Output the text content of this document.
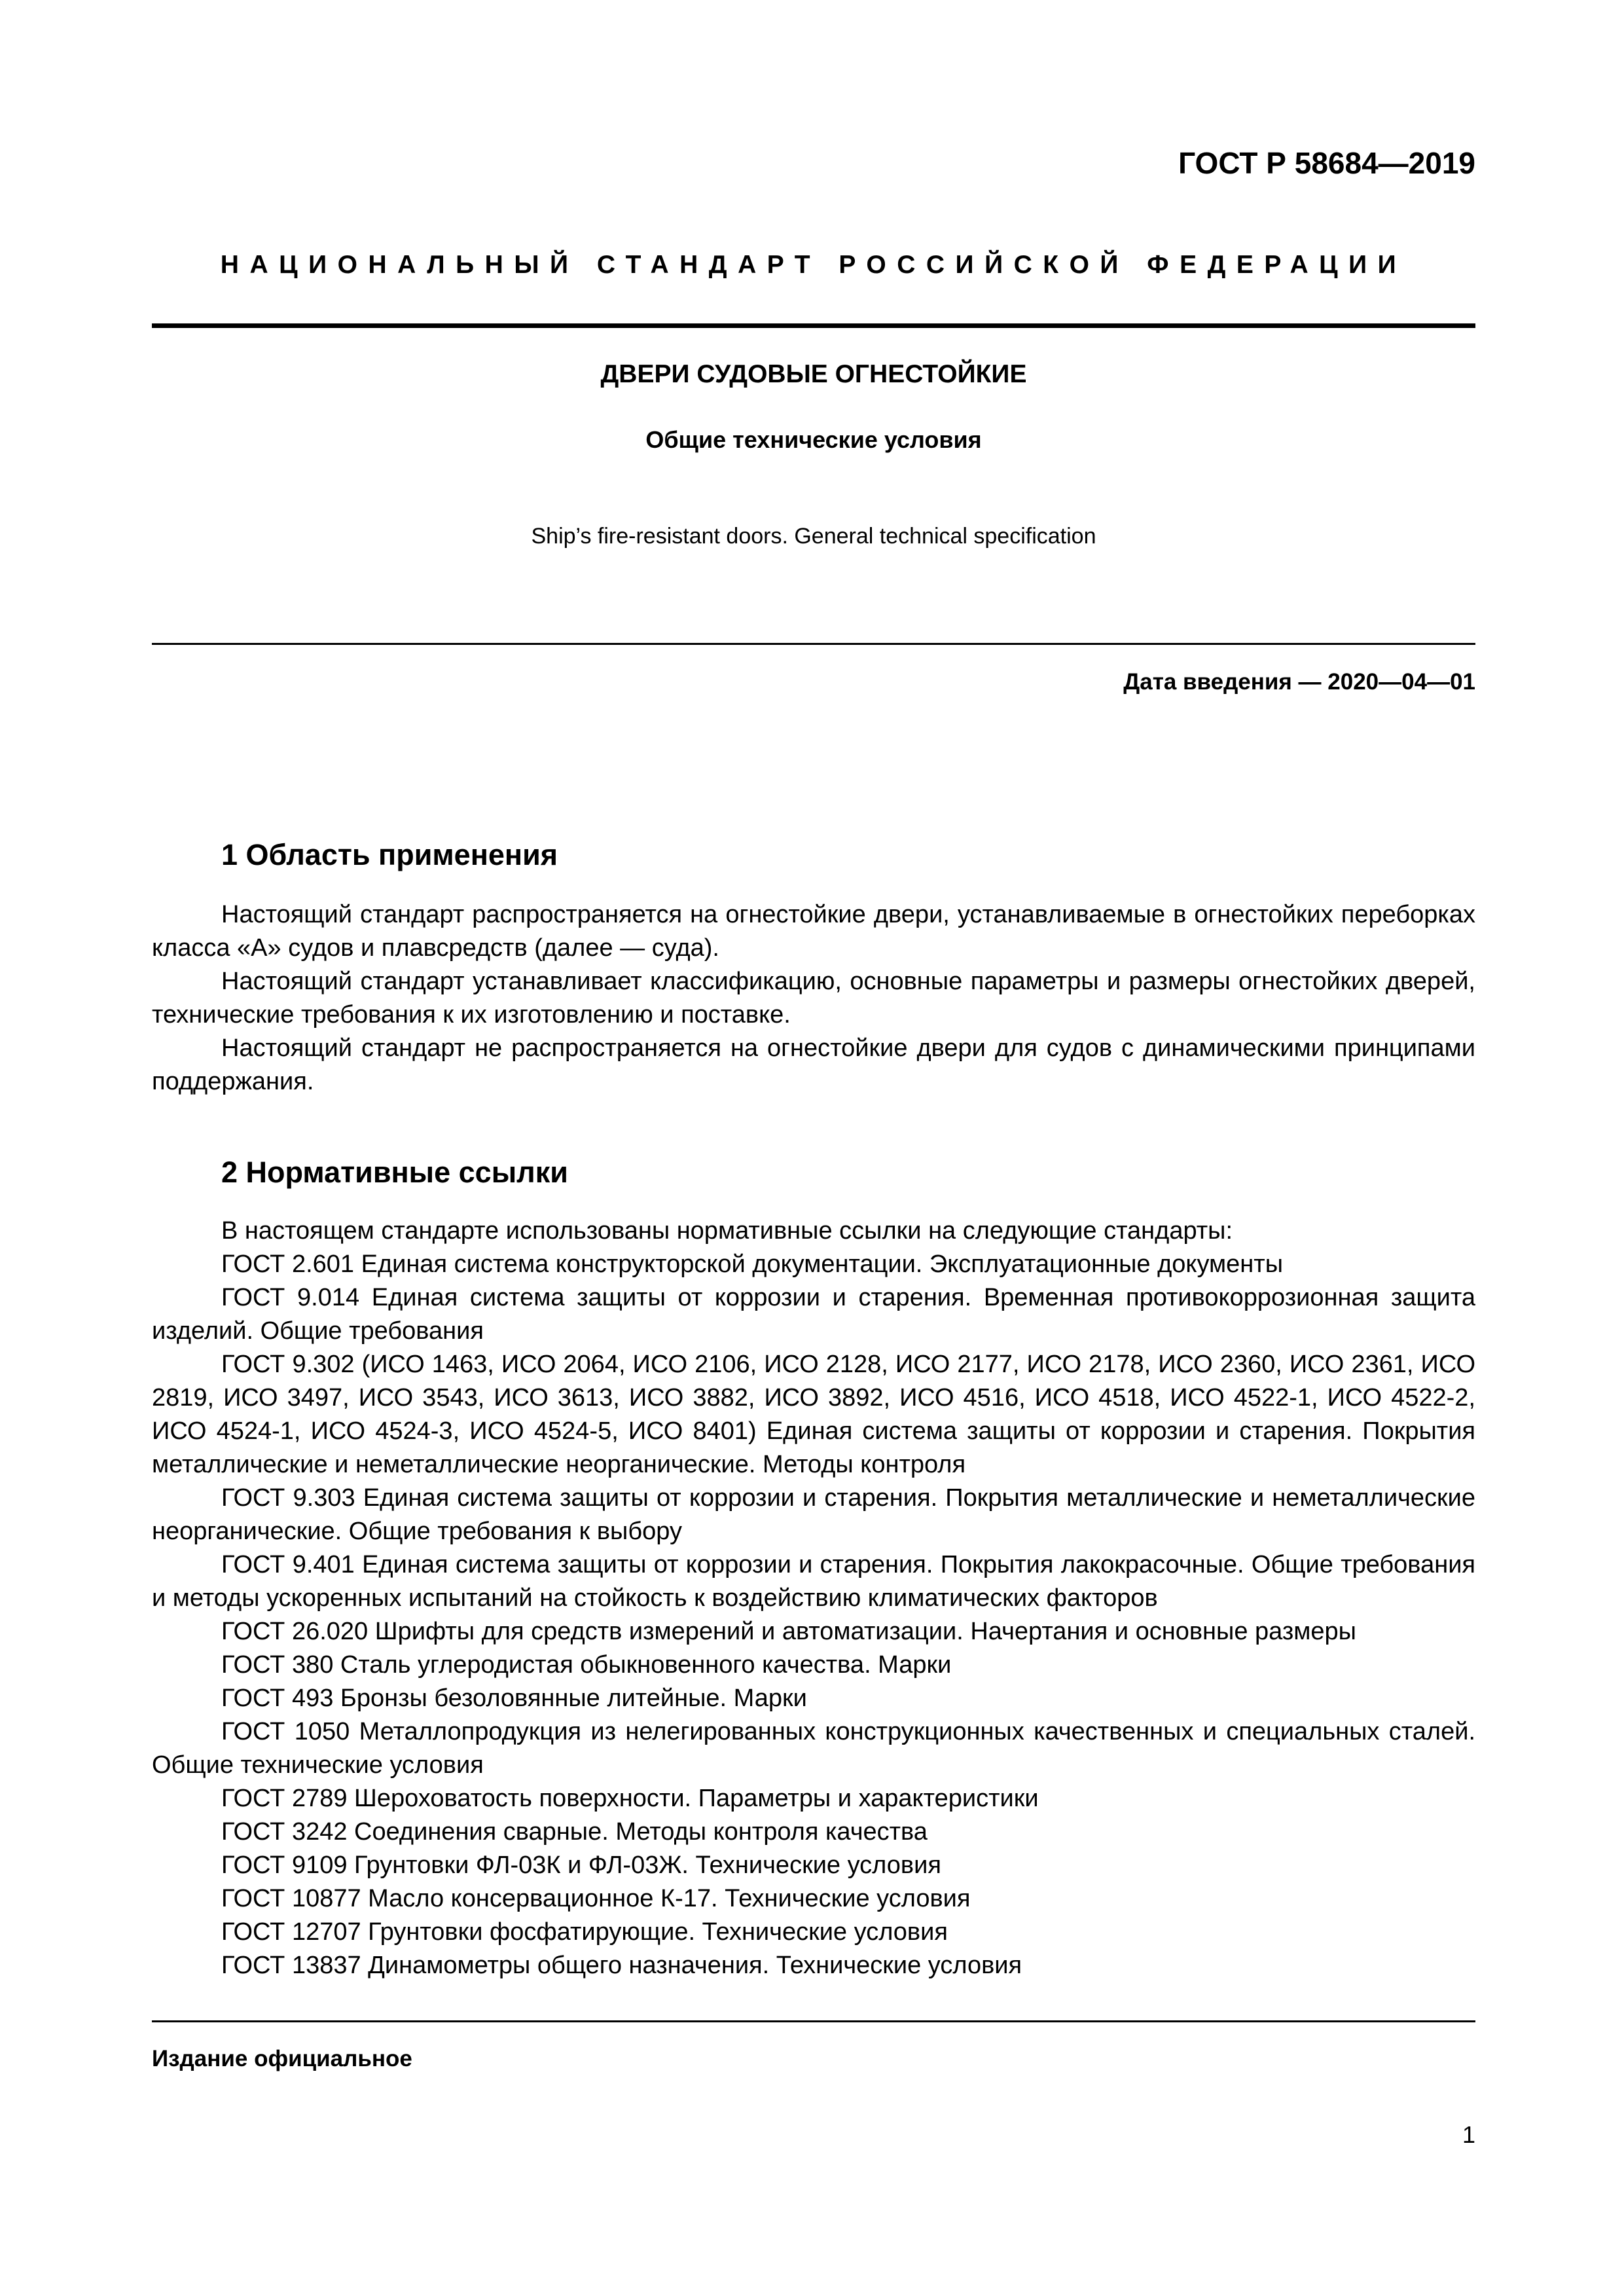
ГОСТ Р 58684—2019
НАЦИОНАЛЬНЫЙ СТАНДАРТ РОССИЙСКОЙ ФЕДЕРАЦИИ
ДВЕРИ СУДОВЫЕ ОГНЕСТОЙКИЕ
Общие технические условия
Ship’s fire-resistant doors. General technical specification
Дата введения — 2020—04—01
1 Область применения

Настоящий стандарт распространяется на огнестойкие двери, устанавливаемые в огнестойких переборках класса «А» судов и плавсредств (далее — суда).

Настоящий стандарт устанавливает классификацию, основные параметры и размеры огнестойких дверей, технические требования к их изготовлению и поставке.

Настоящий стандарт не распространяется на огнестойкие двери для судов с динамическими принципами поддержания.

2 Нормативные ссылки

В настоящем стандарте использованы нормативные ссылки на следующие стандарты:

ГОСТ 2.601 Единая система конструкторской документации. Эксплуатационные документы

ГОСТ 9.014 Единая система защиты от коррозии и старения. Временная противокоррозионная защита изделий. Общие требования

ГОСТ 9.302 (ИСО 1463, ИСО 2064, ИСО 2106, ИСО 2128, ИСО 2177, ИСО 2178, ИСО 2360, ИСО 2361, ИСО 2819, ИСО 3497, ИСО 3543, ИСО 3613, ИСО 3882, ИСО 3892, ИСО 4516, ИСО 4518, ИСО 4522-1, ИСО 4522-2, ИСО 4524-1, ИСО 4524-3, ИСО 4524-5, ИСО 8401) Единая система защиты от коррозии и старения. Покрытия металлические и неметаллические неорганические. Методы контроля

ГОСТ 9.303 Единая система защиты от коррозии и старения. Покрытия металлические и неметаллические неорганические. Общие требования к выбору

ГОСТ 9.401 Единая система защиты от коррозии и старения. Покрытия лакокрасочные. Общие требования и методы ускоренных испытаний на стойкость к воздействию климатических факторов

ГОСТ 26.020 Шрифты для средств измерений и автоматизации. Начертания и основные размеры

ГОСТ 380 Сталь углеродистая обыкновенного качества. Марки

ГОСТ 493 Бронзы безоловянные литейные. Марки

ГОСТ 1050 Металлопродукция из нелегированных конструкционных качественных и специальных сталей. Общие технические условия

ГОСТ 2789 Шероховатость поверхности. Параметры и характеристики

ГОСТ 3242 Соединения сварные. Методы контроля качества

ГОСТ 9109 Грунтовки ФЛ-03К и ФЛ-03Ж. Технические условия

ГОСТ 10877 Масло консервационное К-17. Технические условия

ГОСТ 12707 Грунтовки фосфатирующие. Технические условия

ГОСТ 13837 Динамометры общего назначения. Технические условия

Издание официальное
1
